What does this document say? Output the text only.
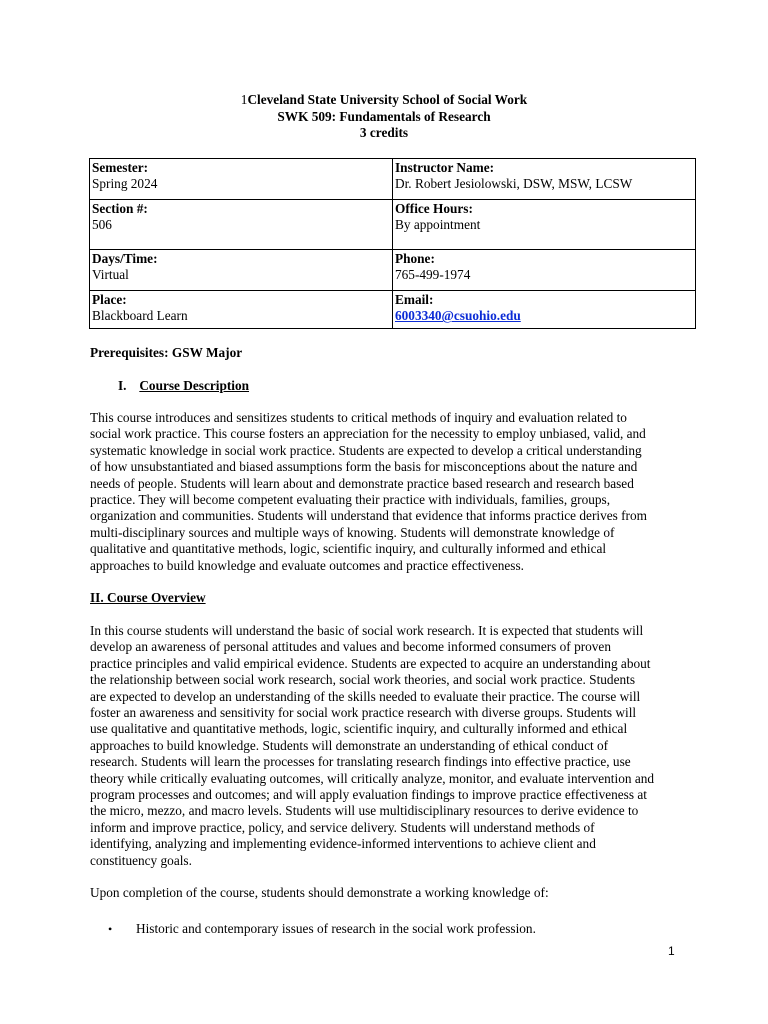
1Cleveland State University School of Social Work
SWK 509: Fundamentals of Research
3 credits
Semester:
Spring 2024	Instructor Name:
Dr. Robert Jesiolowski, DSW, MSW, LCSW

Section #:
506	Office Hours:
By appointment

Days/Time:
Virtual	Phone:
765-499-1974

Place:
Blackboard Learn	Email:
6003340@csuohio.edu
Prerequisites: GSW Major
I. Course Description
This course introduces and sensitizes students to critical methods of inquiry and evaluation related to
social work practice. This course fosters an appreciation for the necessity to employ unbiased, valid, and
systematic knowledge in social work practice. Students are expected to develop a critical understanding
of how unsubstantiated and biased assumptions form the basis for misconceptions about the nature and
needs of people. Students will learn about and demonstrate practice based research and research based
practice. They will become competent evaluating their practice with individuals, families, groups,
organization and communities. Students will understand that evidence that informs practice derives from
multi-disciplinary sources and multiple ways of knowing. Students will demonstrate knowledge of
qualitative and quantitative methods, logic, scientific inquiry, and culturally informed and ethical
approaches to build knowledge and evaluate outcomes and practice effectiveness.
II. Course Overview
In this course students will understand the basic of social work research. It is expected that students will
develop an awareness of personal attitudes and values and become informed consumers of proven
practice principles and valid empirical evidence. Students are expected to acquire an understanding about
the relationship between social work research, social work theories, and social work practice. Students
are expected to develop an understanding of the skills needed to evaluate their practice. The course will
foster an awareness and sensitivity for social work practice research with diverse groups. Students will
use qualitative and quantitative methods, logic, scientific inquiry, and culturally informed and ethical
approaches to build knowledge. Students will demonstrate an understanding of ethical conduct of
research. Students will learn the processes for translating research findings into effective practice, use
theory while critically evaluating outcomes, will critically analyze, monitor, and evaluate intervention and
program processes and outcomes; and will apply evaluation findings to improve practice effectiveness at
the micro, mezzo, and macro levels. Students will use multidisciplinary resources to derive evidence to
inform and improve practice, policy, and service delivery. Students will understand methods of
identifying, analyzing and implementing evidence-informed interventions to achieve client and
constituency goals.
Upon completion of the course, students should demonstrate a working knowledge of:
• Historic and contemporary issues of research in the social work profession.
1
